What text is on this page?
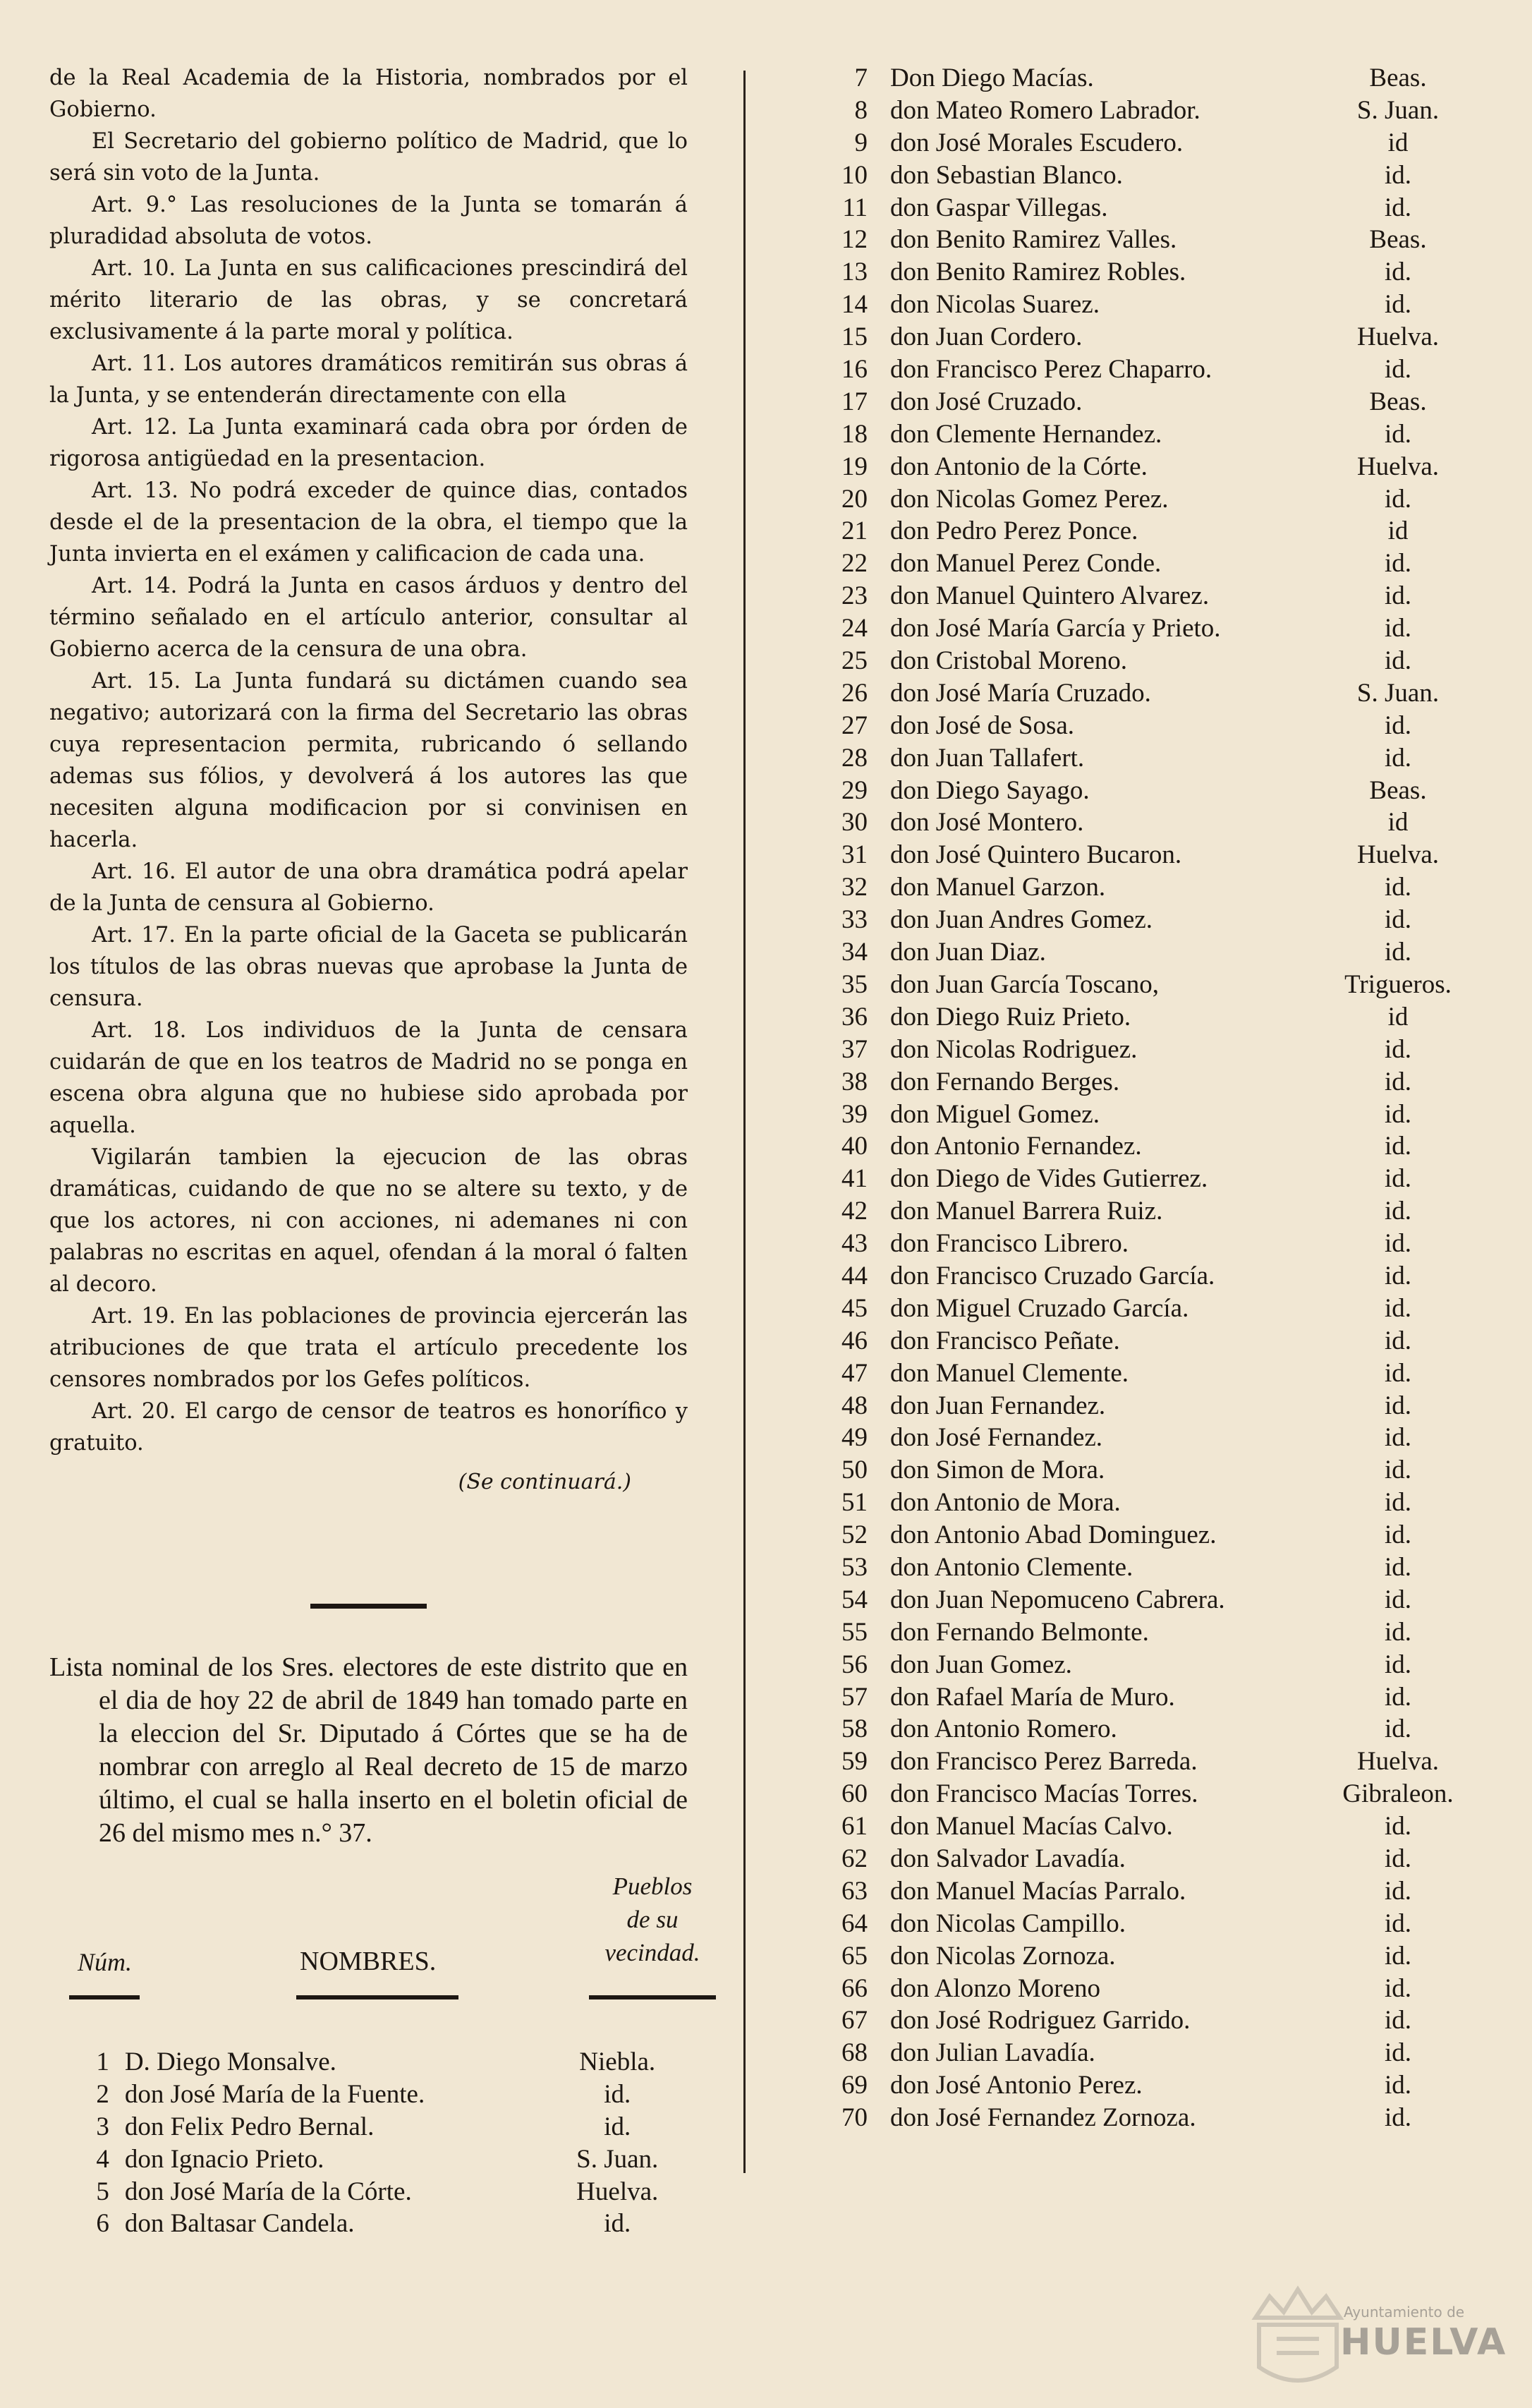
de la Real Academia de la Historia, nombrados por el Gobierno.

El Secretario del gobierno político de Madrid, que lo será sin voto de la Junta.

Art. 9.° Las resoluciones de la Junta se tomarán á pluradidad absoluta de votos.

Art. 10. La Junta en sus calificaciones prescindirá del mérito literario de las obras, y se concretará exclusivamente á la parte moral y política.

Art. 11. Los autores dramáticos remitirán sus obras á la Junta, y se entenderán directamente con ella

Art. 12. La Junta examinará cada obra por órden de rigorosa antigüedad en la presentacion.

Art. 13. No podrá exceder de quince dias, contados desde el de la presentacion de la obra, el tiempo que la Junta invierta en el exámen y calificacion de cada una.

Art. 14. Podrá la Junta en casos árduos y dentro del término señalado en el artículo anterior, consultar al Gobierno acerca de la censura de una obra.

Art. 15. La Junta fundará su dictámen cuando sea negativo; autorizará con la firma del Secretario las obras cuya representacion permita, rubricando ó sellando ademas sus fólios, y devolverá á los autores las que necesiten alguna modificacion por si convinisen en hacerla.

Art. 16. El autor de una obra dramática podrá apelar de la Junta de censura al Gobierno.

Art. 17. En la parte oficial de la Gaceta se publicarán los títulos de las obras nuevas que aprobase la Junta de censura.

Art. 18. Los individuos de la Junta de censara cuidarán de que en los teatros de Madrid no se ponga en escena obra alguna que no hubiese sido aprobada por aquella.

Vigilarán tambien la ejecucion de las obras dramáticas, cuidando de que no se altere su texto, y de que los actores, ni con acciones, ni ademanes ni con palabras no escritas en aquel, ofendan á la moral ó falten al decoro.

Art. 19. En las poblaciones de provincia ejercerán las atribuciones de que trata el artículo precedente los censores nombrados por los Gefes políticos.

Art. 20. El cargo de censor de teatros es honorífico y gratuito.

(Se continuará.)

Lista nominal de los Sres. electores de este distrito que en el dia de hoy 22 de abril de 1849 han tomado parte en la eleccion del Sr. Diputado á Córtes que se ha de nombrar con arreglo al Real decreto de 15 de marzo último, el cual se halla inserto en el boletin oficial de 26 del mismo mes n.° 37.

Núm.	NOMBRES.
Pueblos
de su
vecindad.
1 D. Diego Monsalve.	Niebla.
2 don José María de la Fuente.	id.
3 don Felix Pedro Bernal.	id.
4 don Ignacio Prieto.	S. Juan.
5 don José María de la Córte.	Huelva.
6 don Baltasar Candela.	id.
7 Don Diego Macías.	Beas.
8 don Mateo Romero Labrador.	S. Juan.
9 don José Morales Escudero.	id
10 don Sebastian Blanco.	id.
11 don Gaspar Villegas.	id.
12 don Benito Ramirez Valles.	Beas.
13 don Benito Ramirez Robles.	id.
14 don Nicolas Suarez.	id.
15 don Juan Cordero.	Huelva.
16 don Francisco Perez Chaparro.	id.
17 don José Cruzado.	Beas.
18 don Clemente Hernandez.	id.
19 don Antonio de la Córte.	Huelva.
20 don Nicolas Gomez Perez.	id.
21 don Pedro Perez Ponce.	id
22 don Manuel Perez Conde.	id.
23 don Manuel Quintero Alvarez.	id.
24 don José María García y Prieto.	id.
25 don Cristobal Moreno.	id.
26 don José María Cruzado.	S. Juan.
27 don José de Sosa.	id.
28 don Juan Tallafert.	id.
29 don Diego Sayago.	Beas.
30 don José Montero.	id
31 don José Quintero Bucaron.	Huelva.
32 don Manuel Garzon.	id.
33 don Juan Andres Gomez.	id.
34 don Juan Diaz.	id.
35 don Juan García Toscano,	Trigueros.
36 don Diego Ruiz Prieto.	id
37 don Nicolas Rodriguez.	id.
38 don Fernando Berges.	id.
39 don Miguel Gomez.	id.
40 don Antonio Fernandez.	id.
41 don Diego de Vides Gutierrez.	id.
42 don Manuel Barrera Ruiz.	id.
43 don Francisco Librero.	id.
44 don Francisco Cruzado García.	id.
45 don Miguel Cruzado García.	id.
46 don Francisco Peñate.	id.
47 don Manuel Clemente.	id.
48 don Juan Fernandez.	id.
49 don José Fernandez.	id.
50 don Simon de Mora.	id.
51 don Antonio de Mora.	id.
52 don Antonio Abad Dominguez.	id.
53 don Antonio Clemente.	id.
54 don Juan Nepomuceno Cabrera.	id.
55 don Fernando Belmonte.	id.
56 don Juan Gomez.	id.
57 don Rafael María de Muro.	id.
58 don Antonio Romero.	id.
59 don Francisco Perez Barreda.	Huelva.
60 don Francisco Macías Torres.	Gibraleon.
61 don Manuel Macías Calvo.	id.
62 don Salvador Lavadía.	id.
63 don Manuel Macías Parralo.	id.
64 don Nicolas Campillo.	id.
65 don Nicolas Zornoza.	id.
66 don Alonzo Moreno	id.
67 don José Rodriguez Garrido.	id.
68 don Julian Lavadía.	id.
69 don José Antonio Perez.	id.
70 don José Fernandez Zornoza.	id.
Ayuntamiento de
HUELVA
